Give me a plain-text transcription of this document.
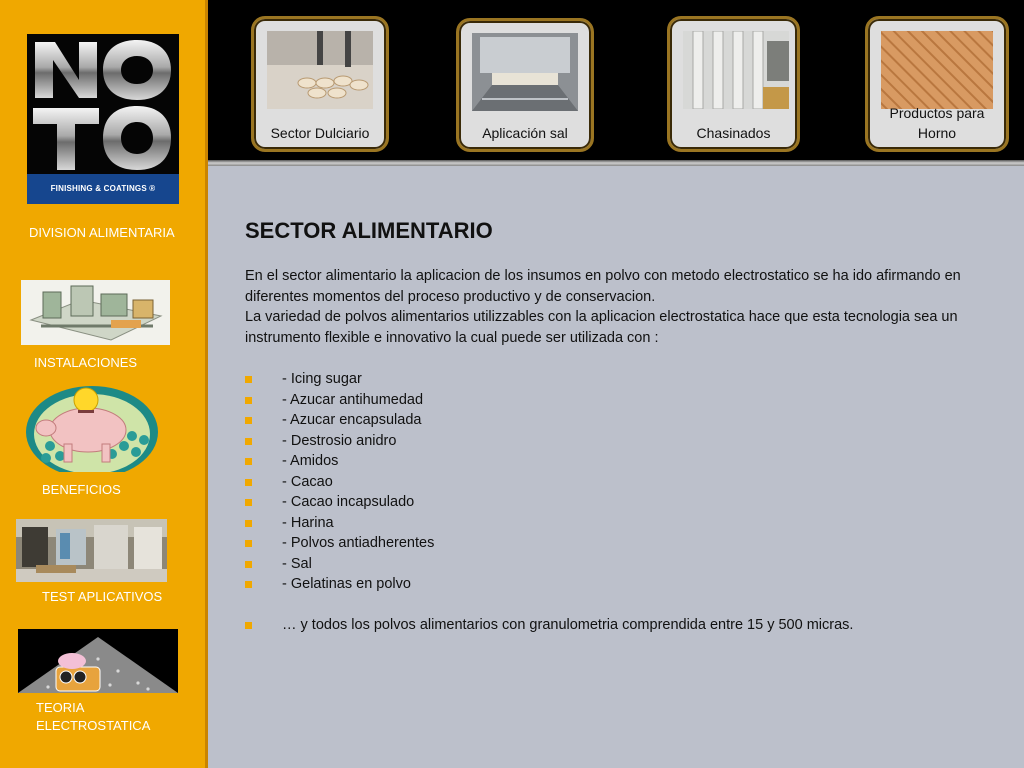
FINISHING & COATINGS ®
DIVISION ALIMENTARIA
INSTALACIONES
BENEFICIOS
TEST APLICATIVOS
TEORIA ELECTROSTATICA
Sector Dulciario	Aplicación sal	Chasinados
Productos para Horno
SECTOR ALIMENTARIO

En el sector alimentario la aplicacion de los insumos en polvo con metodo electrostatico se ha ido afirmando en diferentes momentos del proceso productivo y de conservacion.

La variedad de polvos alimentarios utilizzables con la aplicacion electrostatica hace que esta tecnologia sea un instrumento flexible e innovativo la cual puede ser utilizada con :

- Icing sugar
- Azucar antihumedad
- Azucar encapsulada
- Destrosio anidro
- Amidos
- Cacao
- Cacao incapsulado
- Harina
- Polvos antiadherentes
- Sal
- Gelatinas en polvo
… y todos los polvos alimentarios con granulometria comprendida entre 15 y 500 micras.
